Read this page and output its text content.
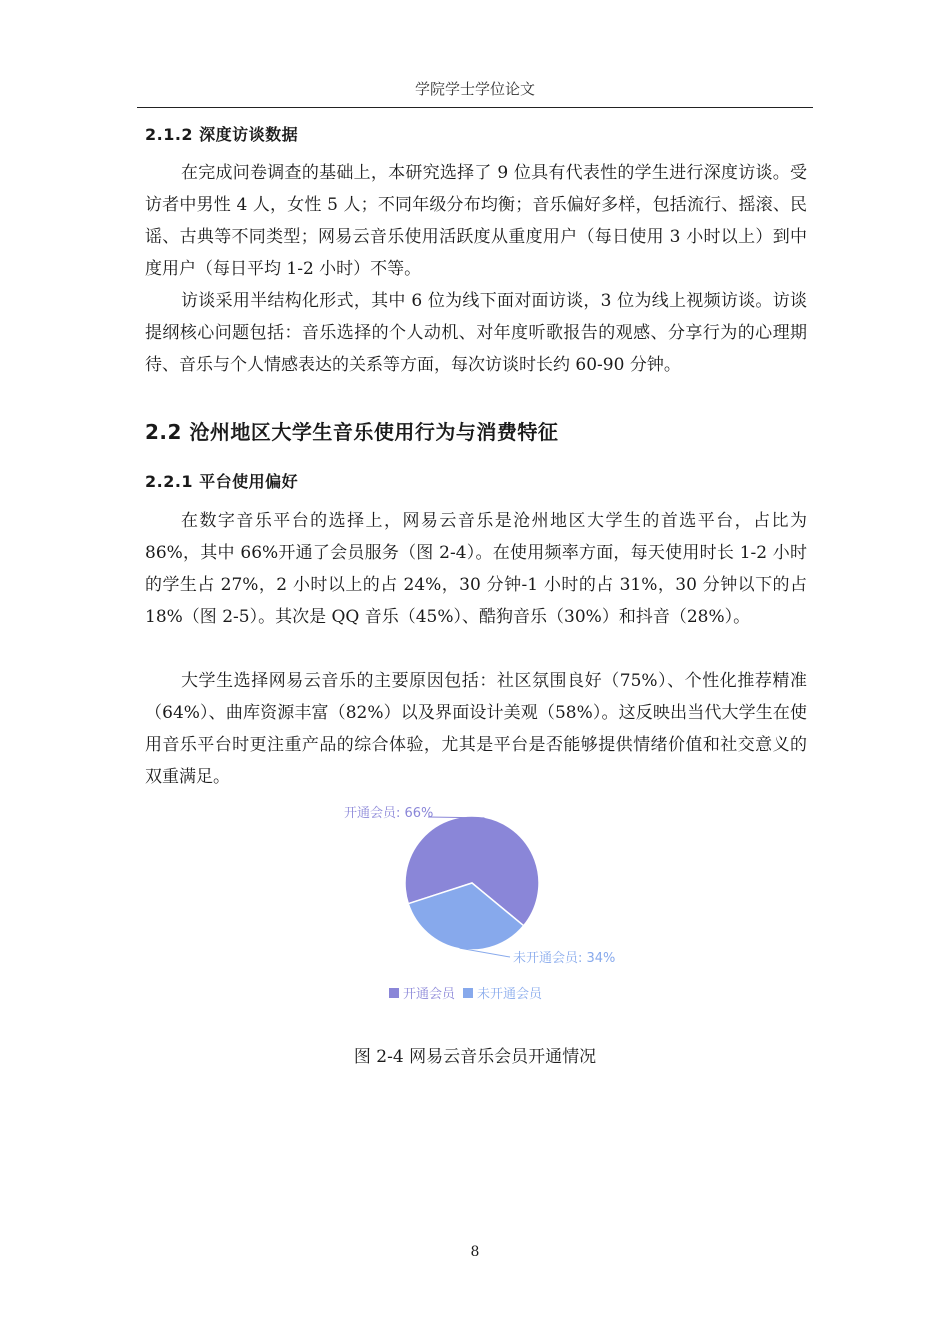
学院学士学位论文
2.1.2 深度访谈数据

在完成问卷调查的基础上，本研究选择了 9 位具有代表性的学生进行深度访谈。受访者中男性 4 人，女性 5 人；不同年级分布均衡；音乐偏好多样，包括流行、摇滚、民谣、古典等不同类型；网易云音乐使用活跃度从重度用户（每日使用 3 小时以上）到中度用户（每日平均 1-2 小时）不等。

访谈采用半结构化形式，其中 6 位为线下面对面访谈，3 位为线上视频访谈。访谈提纲核心问题包括：音乐选择的个人动机、对年度听歌报告的观感、分享行为的心理期待、音乐与个人情感表达的关系等方面，每次访谈时长约 60-90 分钟。

2.2 沧州地区大学生音乐使用行为与消费特征
2.2.1 平台使用偏好

在数字音乐平台的选择上，网易云音乐是沧州地区大学生的首选平台，占比为 86%，其中 66%开通了会员服务（图 2-4）。在使用频率方面，每天使用时长 1-2 小时的学生占 27%，2 小时以上的占 24%，30 分钟-1 小时的占 31%，30 分钟以下的占 18%（图 2-5）。其次是 QQ 音乐（45%）、酷狗音乐（30%）和抖音（28%）。

大学生选择网易云音乐的主要原因包括：社区氛围良好（75%）、个性化推荐精准（64%）、曲库资源丰富（82%）以及界面设计美观（58%）。这反映出当代大学生在使用音乐平台时更注重产品的综合体验，尤其是平台是否能够提供情绪价值和社交意义的双重满足。

开通会员: 66%
未开通会员: 34%
开通会员 未开通会员
图 2-4 网易云音乐会员开通情况
8
